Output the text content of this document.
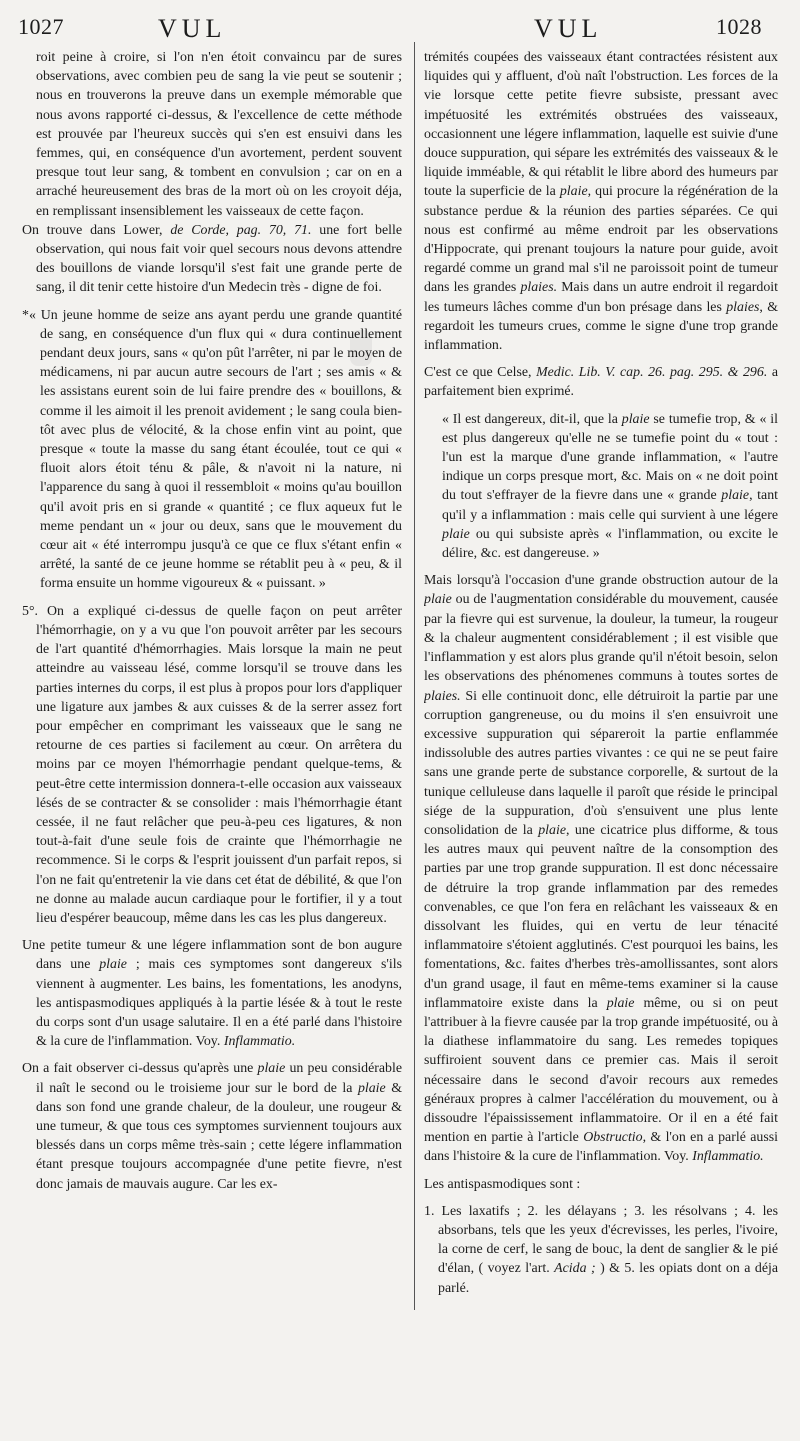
1027	VUL	VUL	1028

roit peine à croire, si l'on n'en étoit convaincu par de sures observations, avec combien peu de sang la vie peut se soutenir ; nous en trouverons la preuve dans un exemple mémorable que nous avons rapporté ci-dessus, & l'excellence de cette méthode est prouvée par l'heureux succès qui s'en est ensuivi dans les femmes, qui, en conséquence d'un avortement, perdent souvent presque tout leur sang, & tombent en convulsion ; car on en a arraché heureusement des bras de la mort où on les croyoit déja, en remplissant insensiblement les vaisseaux de cette façon.

On trouve dans Lower, de Corde, pag. 70, 71. une fort belle observation, qui nous fait voir quel secours nous devons attendre des bouillons de viande lorsqu'il s'est fait une grande perte de sang, il dit tenir cette histoire d'un Medecin très - digne de foi.

*« Un jeune homme de seize ans ayant perdu une grande quantité de sang, en conséquence d'un flux qui « dura continuellement pendant deux jours, sans « qu'on pût l'arrêter, ni par le moyen de médicamens, ni par aucun autre secours de l'art ; ses amis « & les assistans eurent soin de lui faire prendre des « bouillons, & comme il les aimoit il les prenoit avidement ; le sang coula bien-tôt avec plus de vélocité, & la chose enfin vint au point, que presque « toute la masse du sang étant écoulée, tout ce qui « fluoit alors étoit ténu & pâle, & n'avoit ni la nature, ni l'apparence du sang à quoi il ressembloit « moins qu'au bouillon qu'il avoit pris en si grande « quantité ; ce flux aqueux fut le meme pendant un « jour ou deux, sans que le mouvement du cœur ait « été interrompu jusqu'à ce que ce flux s'étant enfin « arrêté, la santé de ce jeune homme se rétablit peu à « peu, & il forma ensuite un homme vigoureux & « puissant. »

5°. On a expliqué ci-dessus de quelle façon on peut arrêter l'hémorrhagie, on y a vu que l'on pouvoit arrêter par les secours de l'art quantité d'hémorrhagies. Mais lorsque la main ne peut atteindre au vaisseau lésé, comme lorsqu'il se trouve dans les parties internes du corps, il est plus à propos pour lors d'appliquer une ligature aux jambes & aux cuisses & de la serrer assez fort pour empêcher en comprimant les vaisseaux que le sang ne retourne de ces parties si facilement au cœur. On arrêtera du moins par ce moyen l'hémorrhagie pendant quelque-tems, & peut-être cette intermission donnera-t-elle occasion aux vaisseaux lésés de se contracter & se consolider : mais l'hémorrhagie étant cessée, il ne faut relâcher que peu-à-peu ces ligatures, & non tout-à-fait d'une seule fois de crainte que l'hémorrhagie ne recommence. Si le corps & l'esprit jouissent d'un parfait repos, si l'on ne fait qu'entretenir la vie dans cet état de débilité, & que l'on ne donne au malade aucun cardiaque pour le fortifier, il y a tout lieu d'espérer beaucoup, même dans les cas les plus dangereux.

Une petite tumeur & une légere inflammation sont de bon augure dans une plaie ; mais ces symptomes sont dangereux s'ils viennent à augmenter. Les bains, les fomentations, les anodyns, les antispasmodiques appliqués à la partie lésée & à tout le reste du corps sont d'un usage salutaire. Il en a été parlé dans l'histoire & la cure de l'inflammation. Voy. Inflammatio.

On a fait observer ci-dessus qu'après une plaie un peu considérable il naît le second ou le troisieme jour sur le bord de la plaie & dans son fond une grande chaleur, de la douleur, une rougeur & une tumeur, & que tous ces symptomes surviennent toujours aux blessés dans un corps même très-sain ; cette légere inflammation étant presque toujours accompagnée d'une petite fievre, n'est donc jamais de mauvais augure. Car les ex-

trémités coupées des vaisseaux étant contractées résistent aux liquides qui y affluent, d'où naît l'obstruction. Les forces de la vie lorsque cette petite fievre subsiste, pressant avec impétuosité les extrémités obstruées des vaisseaux, occasionnent une légere inflammation, laquelle est suivie d'une douce suppuration, qui sépare les extrémités des vaisseaux & le liquide imméable, & qui rétablit le libre abord des humeurs par toute la superficie de la plaie, qui procure la régénération de la substance perdue & la réunion des parties séparées. Ce qui nous est confirmé au même endroit par les observations d'Hippocrate, qui prenant toujours la nature pour guide, avoit regardé comme un grand mal s'il ne paroissoit point de tumeur dans les grandes plaies. Mais dans un autre endroit il regardoit les tumeurs lâches comme d'un bon présage dans les plaies, & regardoit les tumeurs crues, comme le signe d'une trop grande inflammation.

C'est ce que Celse, Medic. Lib. V. cap. 26. pag. 295. & 296. a parfaitement bien exprimé.

« Il est dangereux, dit-il, que la plaie se tumefie trop, & « il est plus dangereux qu'elle ne se tumefie point du « tout : l'un est la marque d'une grande inflammation, « l'autre indique un corps presque mort, &c. Mais on « ne doit point du tout s'effrayer de la fievre dans une « grande plaie, tant qu'il y a inflammation : mais celle qui survient à une légere plaie ou qui subsiste après « l'inflammation, ou excite le délire, &c. est dangereuse. »

Mais lorsqu'à l'occasion d'une grande obstruction autour de la plaie ou de l'augmentation considérable du mouvement, causée par la fievre qui est survenue, la douleur, la tumeur, la rougeur & la chaleur augmentent considérablement ; il est visible que l'inflammation y est alors plus grande qu'il n'étoit besoin, selon les observations des phénomenes communs à toutes sortes de plaies. Si elle continuoit donc, elle détruiroit la partie par une corruption gangreneuse, ou du moins il s'en ensuivroit une excessive suppuration qui sépareroit la partie enflammée indissoluble des autres parties vivantes : ce qui ne se peut faire sans une grande perte de substance corporelle, & surtout de la tunique celluleuse dans laquelle il paroît que réside le principal siége de la suppuration, d'où s'ensuivent une plus lente consolidation de la plaie, une cicatrice plus difforme, & tous les autres maux qui peuvent naître de la consomption des parties par une trop grande suppuration. Il est donc nécessaire de détruire la trop grande inflammation par des remedes convenables, ce que l'on fera en relâchant les vaisseaux & en dissolvant les fluides, qui en vertu de leur ténacité inflammatoire s'étoient agglutinés. C'est pourquoi les bains, les fomentations, &c. faites d'herbes très-amollissantes, sont alors d'un grand usage, il faut en même-tems examiner si la cause inflammatoire existe dans la plaie même, ou si on peut l'attribuer à la fievre causée par la trop grande impétuosité, ou à la diathese inflammatoire du sang. Les remedes topiques suffiroient souvent dans ce premier cas. Mais il seroit nécessaire dans le second d'avoir recours aux remedes généraux propres à calmer l'accélération du mouvement, ou à dissoudre l'épaississement inflammatoire. Or il en a été fait mention en partie à l'article Obstructio, & l'on en a parlé aussi dans l'histoire & la cure de l'inflammation. Voy. Inflammatio.

Les antispasmodiques sont :

1. Les laxatifs ; 2. les délayans ; 3. les résolvans ; 4. les absorbans, tels que les yeux d'écrevisses, les perles, l'ivoire, la corne de cerf, le sang de bouc, la dent de sanglier & le pié d'élan, ( voyez l'art. Acida ; ) & 5. les opiats dont on a déja parlé.
